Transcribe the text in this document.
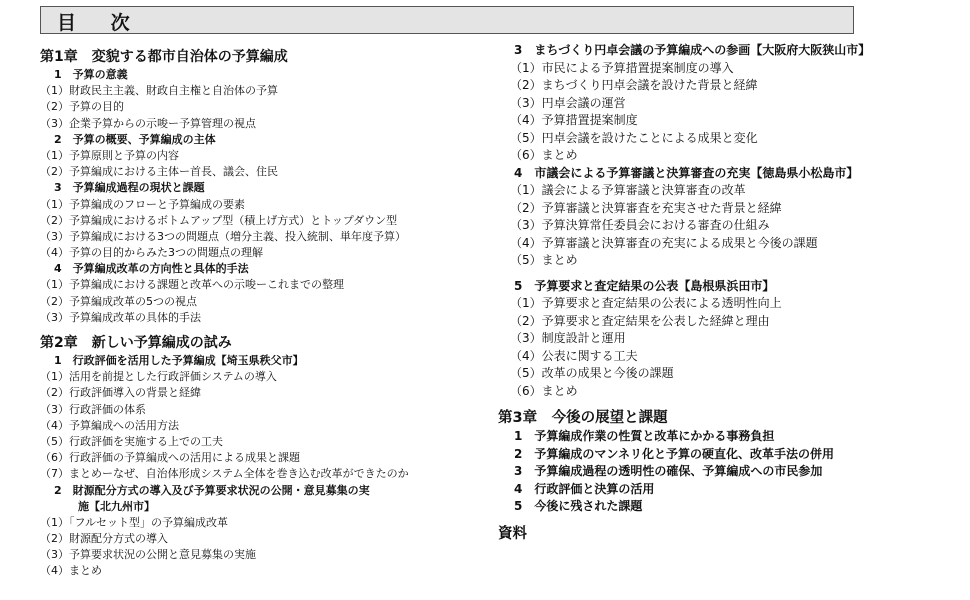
目 次
第1章　変貌する都市自治体の予算編成
1　予算の意義
（1）財政民主主義、財政自主権と自治体の予算
（2）予算の目的
（3）企業予算からの示唆ー予算管理の視点
2　予算の概要、予算編成の主体
（1）予算原則と予算の内容
（2）予算編成における主体ー首長、議会、住民
3　予算編成過程の現状と課題
（1）予算編成のフローと予算編成の要素
（2）予算編成におけるボトムアップ型（積上げ方式）とトップダウン型
（3）予算編成における3つの問題点（増分主義、投入統制、単年度予算）
（4）予算の目的からみた3つの問題点の理解
4　予算編成改革の方向性と具体的手法
（1）予算編成における課題と改革への示唆ーこれまでの整理
（2）予算編成改革の5つの視点
（3）予算編成改革の具体的手法
第2章　新しい予算編成の試み
1　行政評価を活用した予算編成【埼玉県秩父市】
（1）活用を前提とした行政評価システムの導入
（2）行政評価導入の背景と経緯
（3）行政評価の体系
（4）予算編成への活用方法
（5）行政評価を実施する上での工夫
（6）行政評価の予算編成への活用による成果と課題
（7）まとめーなぜ、自治体形成システム全体を巻き込む改革ができたのか
2　財源配分方式の導入及び予算要求状況の公開・意見募集の実
施【北九州市】
（1）「フルセット型」の予算編成改革
（2）財源配分方式の導入
（3）予算要求状況の公開と意見募集の実施
（4）まとめ
3　まちづくり円卓会議の予算編成への参画【大阪府大阪狭山市】
（1）市民による予算措置提案制度の導入
（2）まちづくり円卓会議を設けた背景と経緯
（3）円卓会議の運営
（4）予算措置提案制度
（5）円卓会議を設けたことによる成果と変化
（6）まとめ
4　市議会による予算審議と決算審査の充実【徳島県小松島市】
（1）議会による予算審議と決算審査の改革
（2）予算審議と決算審査を充実させた背景と経緯
（3）予算決算常任委員会における審査の仕組み
（4）予算審議と決算審査の充実による成果と今後の課題
（5）まとめ
5　予算要求と査定結果の公表【島根県浜田市】
（1）予算要求と査定結果の公表による透明性向上
（2）予算要求と査定結果を公表した経緯と理由
（3）制度設計と運用
（4）公表に関する工夫
（5）改革の成果と今後の課題
（6）まとめ
第3章　今後の展望と課題
1　予算編成作業の性質と改革にかかる事務負担
2　予算編成のマンネリ化と予算の硬直化、改革手法の併用
3　予算編成過程の透明性の確保、予算編成への市民参加
4　行政評価と決算の活用
5　今後に残された課題
資料
